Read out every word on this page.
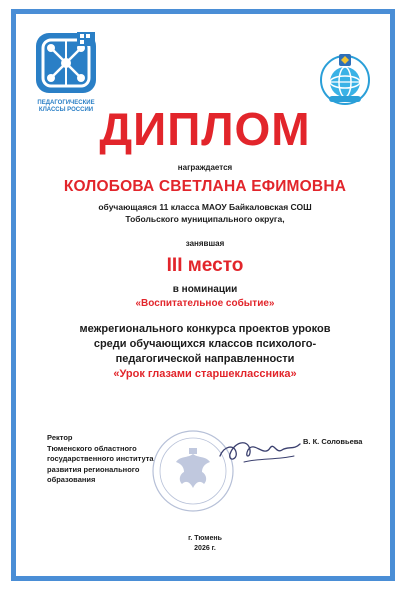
ПЕДАГОГИЧЕСКИЕ
КЛАССЫ РОССИИ ДИПЛОМ
награждается
КОЛОБОВА СВЕТЛАНА ЕФИМОВНА
обучающаяся 11 класса МАОУ Байкаловская СОШ
Тобольского муниципального округа,
занявшая
III место
в номинации
«Воспитательное событие»
межрегионального конкурса проектов уроков
среди обучающихся классов психолого-
педагогической направленности
«Урок глазами старшеклассника»
Ректор
Тюменского областного
государственного института
развития регионального
образования
В. К. Соловьева
г. Тюмень
2026 г.
